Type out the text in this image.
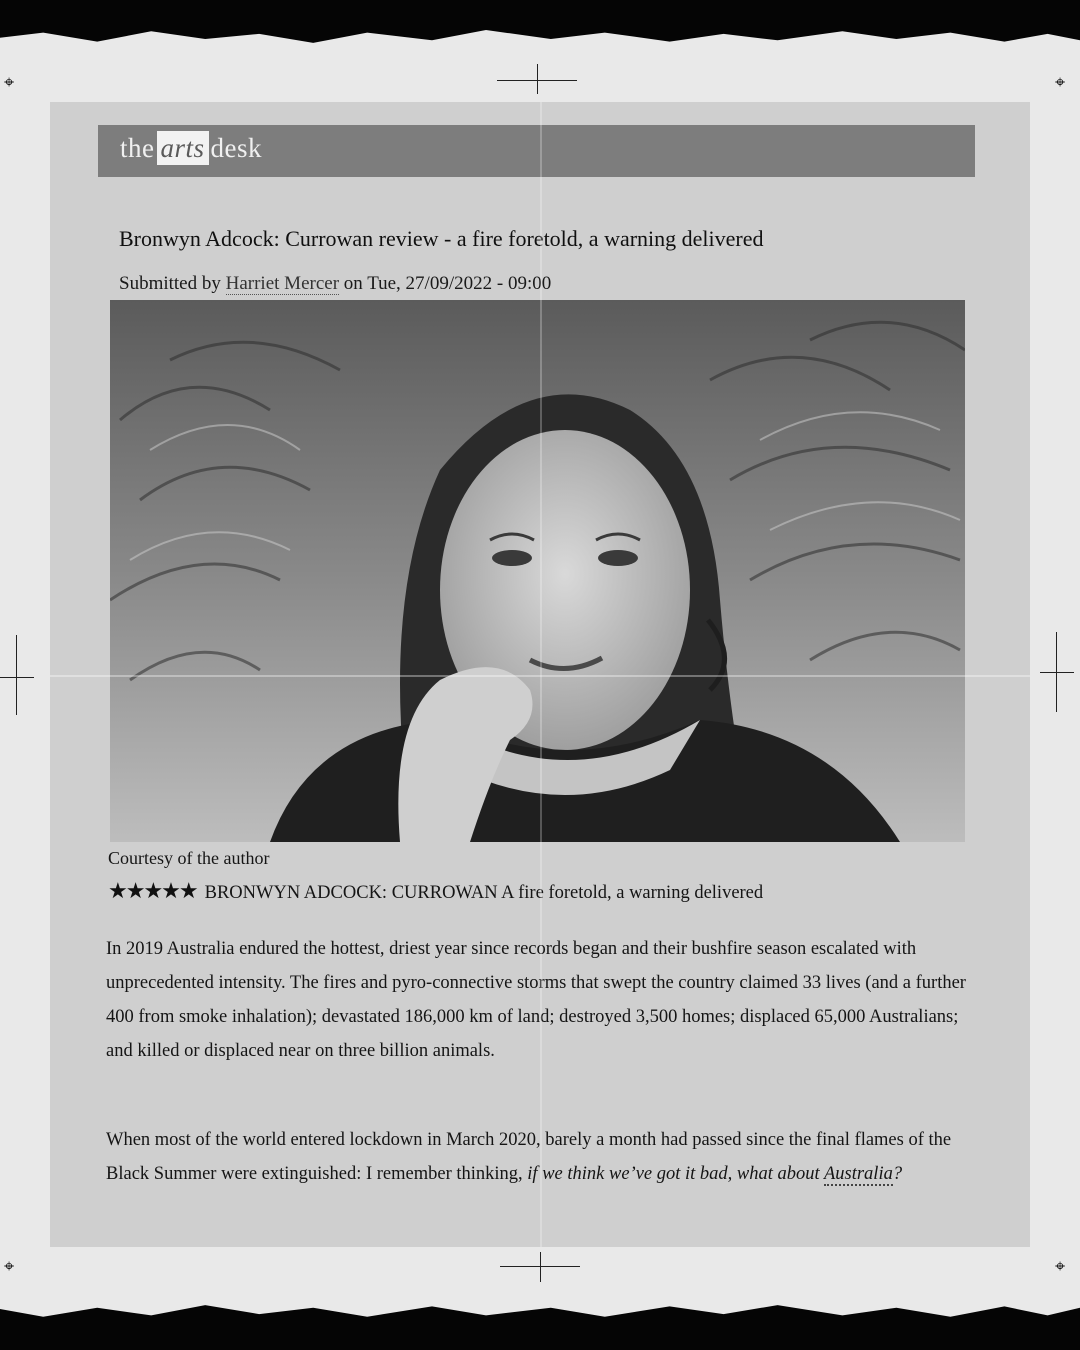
⌖	⌖
⌖	⌖
the arts desk
Bronwyn Adcock: Currowan review - a fire foretold, a warning delivered
Submitted by Harriet Mercer on Tue, 27/09/2022 - 09:00
Courtesy of the author
★★★★★ BRONWYN ADCOCK: CURROWAN A fire foretold, a warning delivered
In 2019 Australia endured the hottest, driest year since records began and their bushfire season escalated with unprecedented intensity. The fires and pyro-connective storms that swept the country claimed 33 lives (and a further 400 from smoke inhalation); devastated 186,000 km of land; destroyed 3,500 homes; displaced 65,000 Australians; and killed or displaced near on three billion animals.
When most of the world entered lockdown in March 2020, barely a month had passed since the final flames of the Black Summer were extinguished: I remember thinking, if we think we’ve got it bad, what about Australia?
